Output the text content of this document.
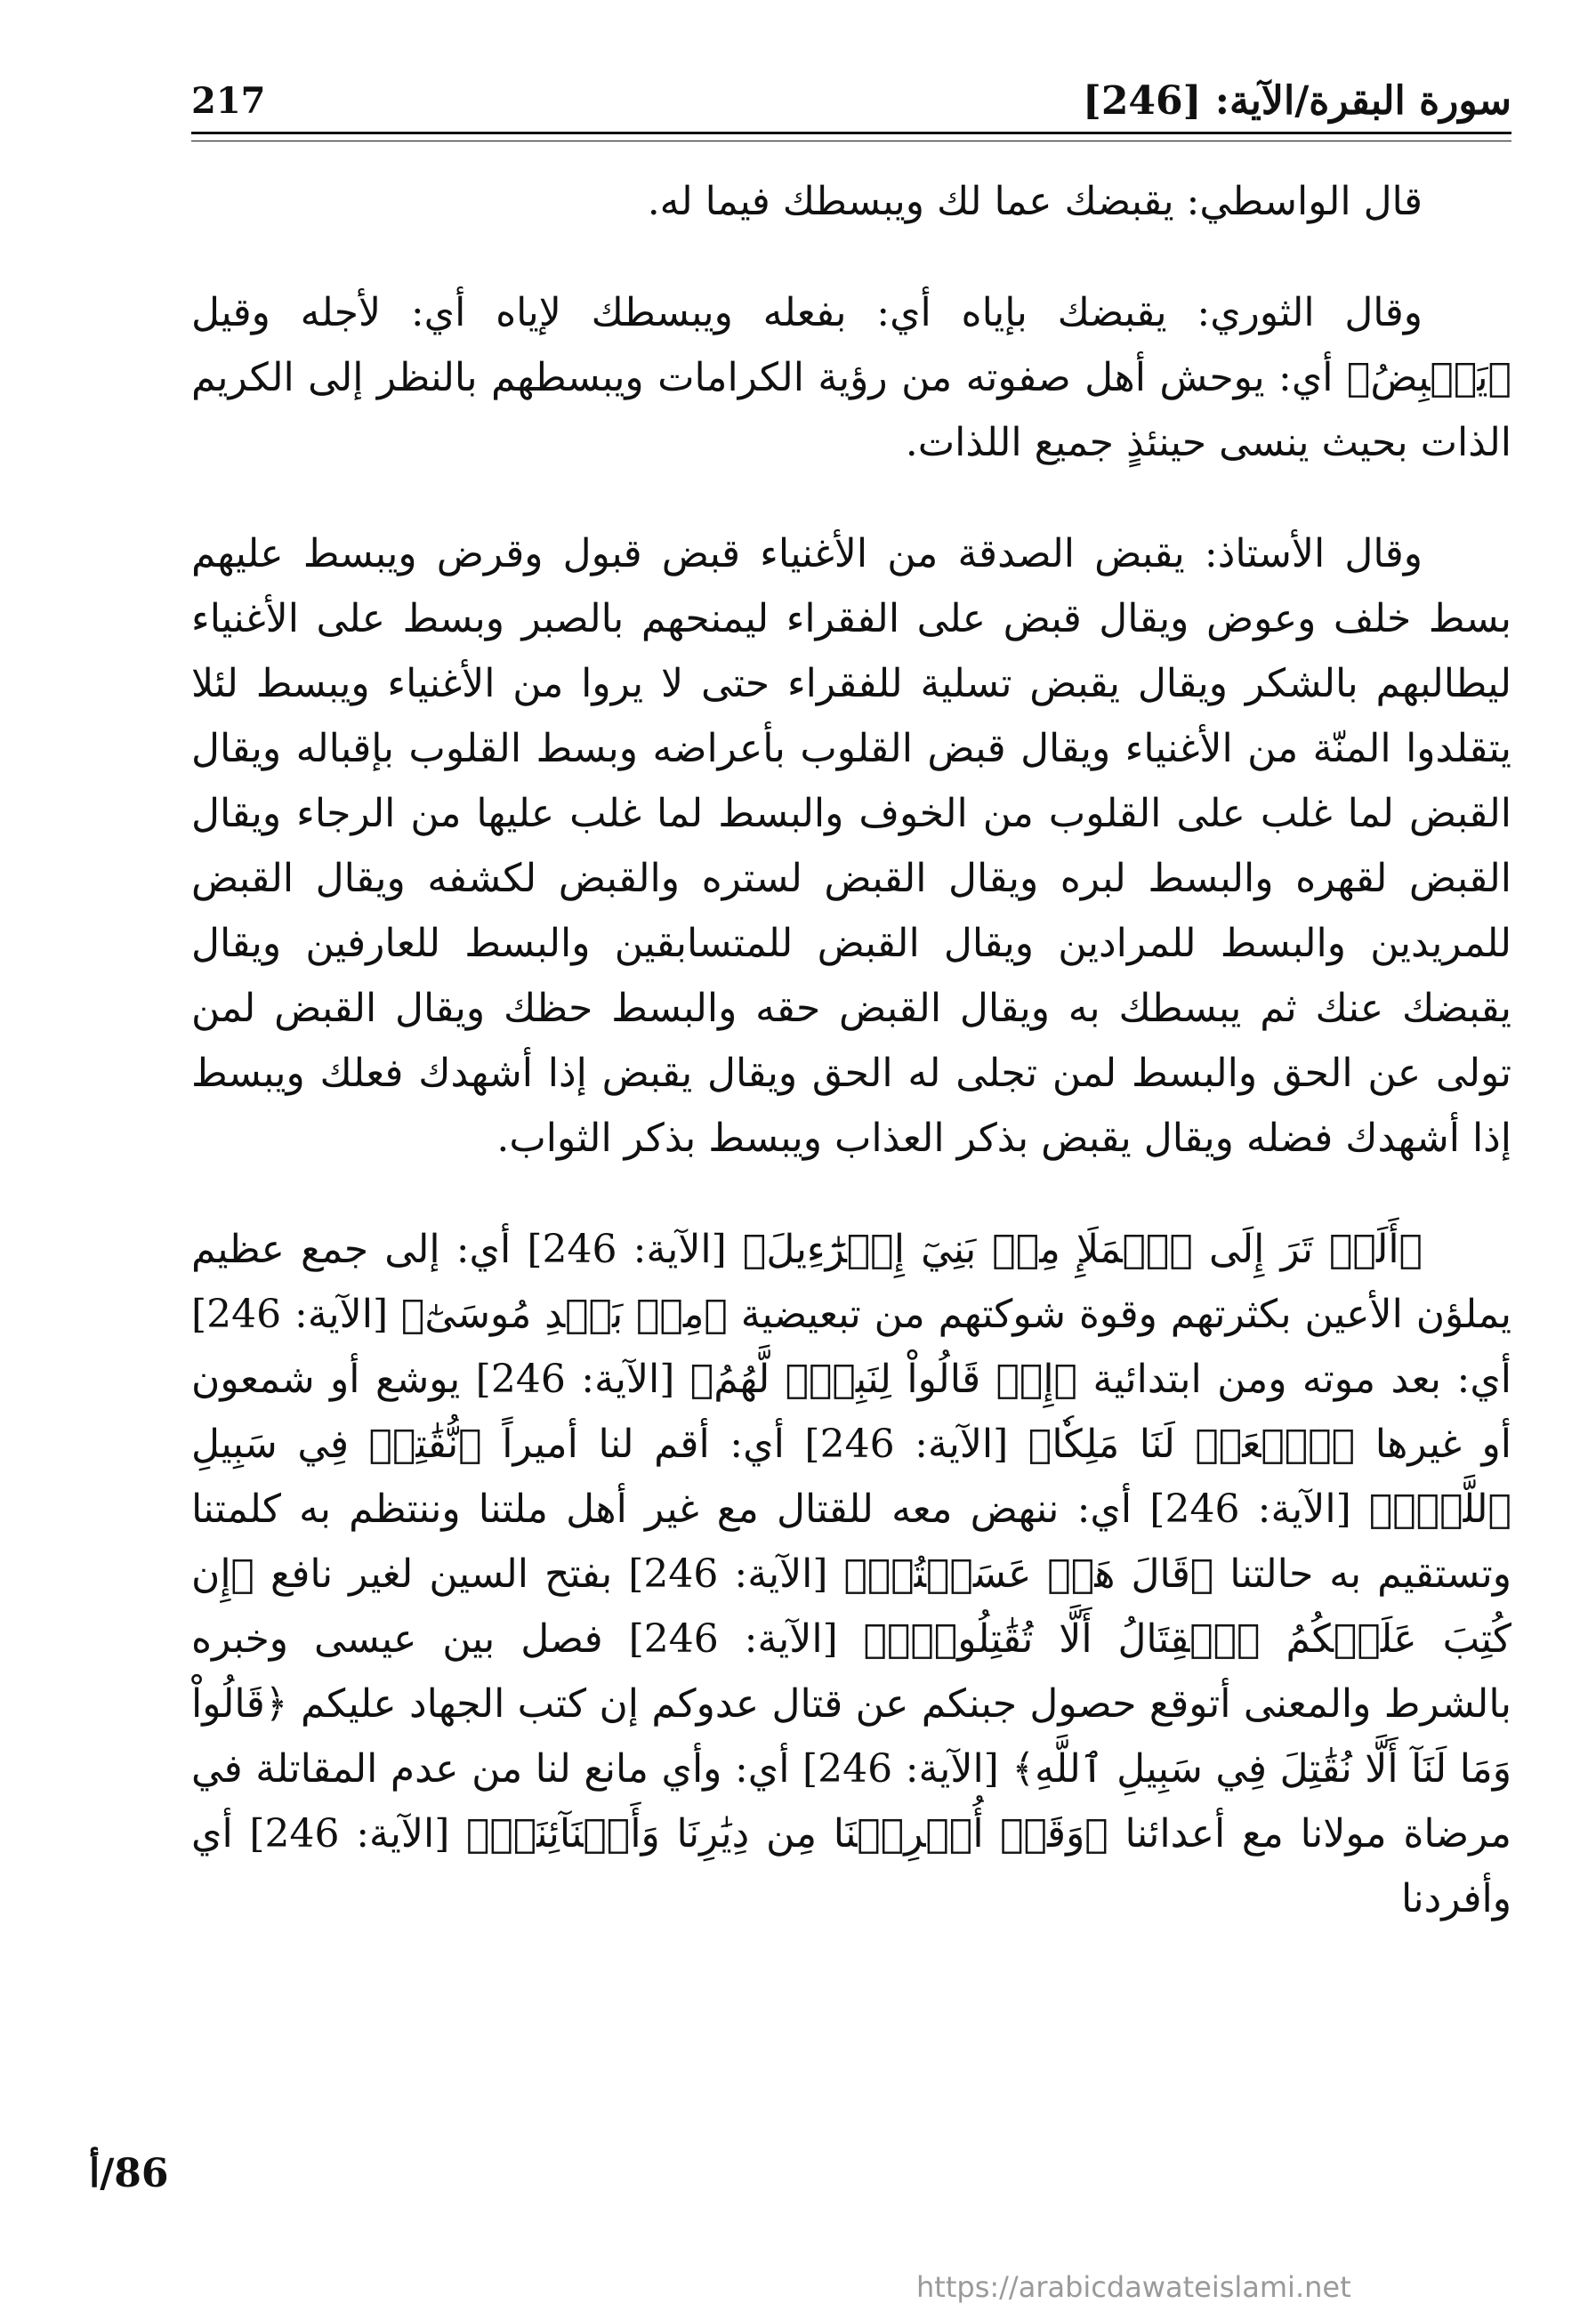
سورة البقرة/الآية: [246]
217

قال الواسطي: يقبضك عما لك ويبسطك فيما له.

وقال الثوري: يقبضك بإياه أي: بفعله ويبسطك لإياه أي: لأجله وقيل ﴿يَقۡبِضُ﴾ أي: يوحش أهل صفوته من رؤية الكرامات ويبسطهم بالنظر إلى الكريم الذات بحيث ينسى حينئذٍ جميع اللذات.

وقال الأستاذ: يقبض الصدقة من الأغنياء قبض قبول وقرض ويبسط عليهم بسط خلف وعوض ويقال قبض على الفقراء ليمنحهم بالصبر وبسط على الأغنياء ليطالبهم بالشكر ويقال يقبض تسلية للفقراء حتى لا يروا من الأغنياء ويبسط لئلا يتقلدوا المنّة من الأغنياء ويقال قبض القلوب بأعراضه وبسط القلوب بإقباله ويقال القبض لما غلب على القلوب من الخوف والبسط لما غلب عليها من الرجاء ويقال القبض لقهره والبسط لبره ويقال القبض لستره والقبض لكشفه ويقال القبض للمريدين والبسط للمرادين ويقال القبض للمتسابقين والبسط للعارفين ويقال يقبضك عنك ثم يبسطك به ويقال القبض حقه والبسط حظك ويقال القبض لمن تولى عن الحق والبسط لمن تجلى له الحق ويقال يقبض إذا أشهدك فعلك ويبسط إذا أشهدك فضله ويقال يقبض بذكر العذاب ويبسط بذكر الثواب.

﴿أَلَمۡ تَرَ إِلَى ٱلۡمَلَإِ مِنۢ بَنِيٓ إِسۡرَٰٓءِيلَ﴾ [الآية: 246] أي: إلى جمع عظيم يملؤن الأعين بكثرتهم وقوة شوكتهم من تبعيضية ﴿مِنۢ بَعۡدِ مُوسَىٰٓ﴾ [الآية: 246] أي: بعد موته ومن ابتدائية ﴿إِذۡ قَالُواْ لِنَبِيّٖ لَّهُمُ﴾ [الآية: 246] يوشع أو شمعون أو غيرها ﴿ٱبۡعَثۡ لَنَا مَلِكٗا﴾ [الآية: 246] أي: أقم لنا أميراً ﴿نُّقَٰتِلۡ فِي سَبِيلِ ٱللَّهِۖ﴾ [الآية: 246] أي: ننهض معه للقتال مع غير أهل ملتنا وننتظم به كلمتنا وتستقيم به حالتنا ﴿قَالَ هَلۡ عَسَيۡتُمۡ﴾ [الآية: 246] بفتح السين لغير نافع ﴿إِن كُتِبَ عَلَيۡكُمُ ٱلۡقِتَالُ أَلَّا تُقَٰتِلُواْۖ﴾ [الآية: 246] فصل بين عيسى وخبره بالشرط والمعنى أتوقع حصول جبنكم عن قتال عدوكم إن كتب الجهاد عليكم ﴿قَالُواْ وَمَا لَنَآ أَلَّا نُقَٰتِلَ فِي سَبِيلِ ٱللَّهِ﴾ [الآية: 246] أي: وأي مانع لنا من عدم المقاتلة في مرضاة مولانا مع أعدائنا ﴿وَقَدۡ أُخۡرِجۡنَا مِن دِيَٰرِنَا وَأَبۡنَآئِنَاۖ﴾ [الآية: 246] أي وأفردنا

86/أ
https://arabicdawateislami.net
